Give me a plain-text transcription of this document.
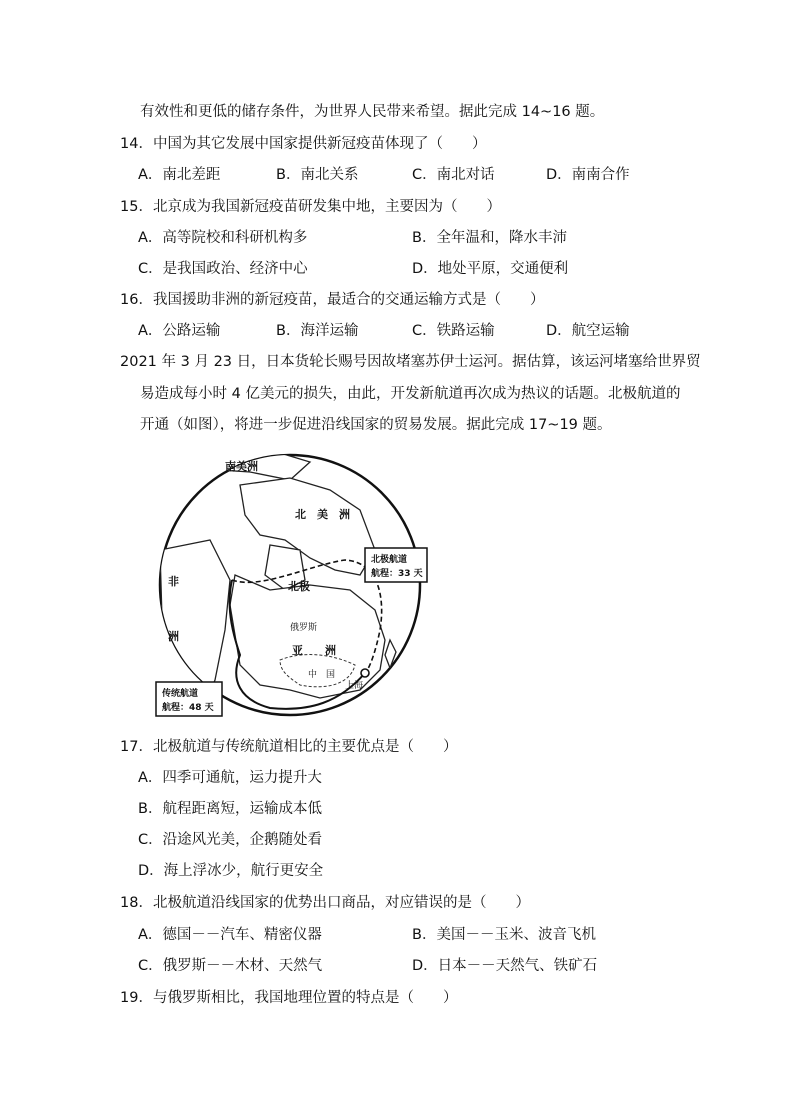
有效性和更低的储存条件，为世界人民带来希望。据此完成 14~16 题。
14．中国为其它发展中国家提供新冠疫苗体现了（　　）
A．南北差距	B．南北关系	C．南北对话	D．南南合作
15．北京成为我国新冠疫苗研发集中地，主要因为（　　）
A．高等院校和科研机构多	B．全年温和，降水丰沛
C．是我国政治、经济中心	D．地处平原，交通便利
16．我国援助非洲的新冠疫苗，最适合的交通运输方式是（　　）
A．公路运输	B．海洋运输	C．铁路运输	D．航空运输
2021 年 3 月 23 日，日本货轮长赐号因故堵塞苏伊士运河。据估算，该运河堵塞给世界贸
易造成每小时 4 亿美元的损失，由此，开发新航道再次成为热议的话题。北极航道的
开通（如图），将进一步促进沿线国家的贸易发展。据此完成 17~19 题。
南美洲
北　美　洲
北极
俄罗斯
亚　　洲
中　国
上海
非
洲
北极航道
航程：33 天
传统航道
航程：48 天
17．北极航道与传统航道相比的主要优点是（　　）
A．四季可通航，运力提升大
B．航程距离短，运输成本低
C．沿途风光美，企鹅随处看
D．海上浮冰少，航行更安全
18．北极航道沿线国家的优势出口商品，对应错误的是（　　）
A．德国－－汽车、精密仪器	B．美国－－玉米、波音飞机
C．俄罗斯－－木材、天然气	D．日本－－天然气、铁矿石
19．与俄罗斯相比，我国地理位置的特点是（　　）
